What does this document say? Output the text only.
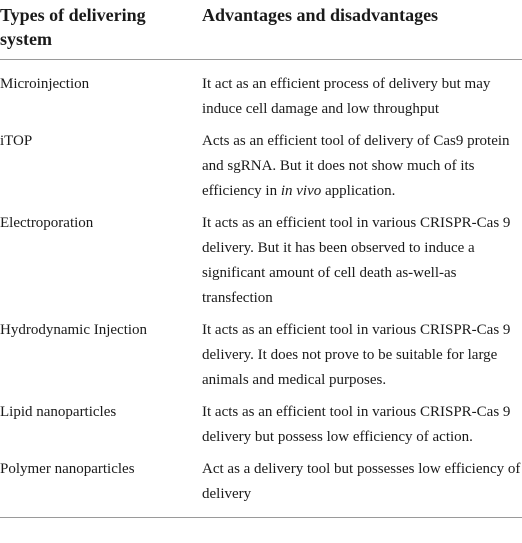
Types of delivering system	Advantages and disadvantages
Microinjection	It act as an efficient process of delivery but may induce cell damage and low throughput
iTOP	Acts as an efficient tool of delivery of Cas9 protein and sgRNA. But it does not show much of its efficiency in in vivo application.
Electroporation	It acts as an efficient tool in various CRISPR-Cas 9 delivery. But it has been observed to induce a significant amount of cell death as-well-as transfection
Hydrodynamic Injection	It acts as an efficient tool in various CRISPR-Cas 9 delivery. It does not prove to be suitable for large animals and medical purposes.
Lipid nanoparticles	It acts as an efficient tool in various CRISPR-Cas 9 delivery but possess low efficiency of action.
Polymer nanoparticles	Act as a delivery tool but possesses low efficiency of delivery
